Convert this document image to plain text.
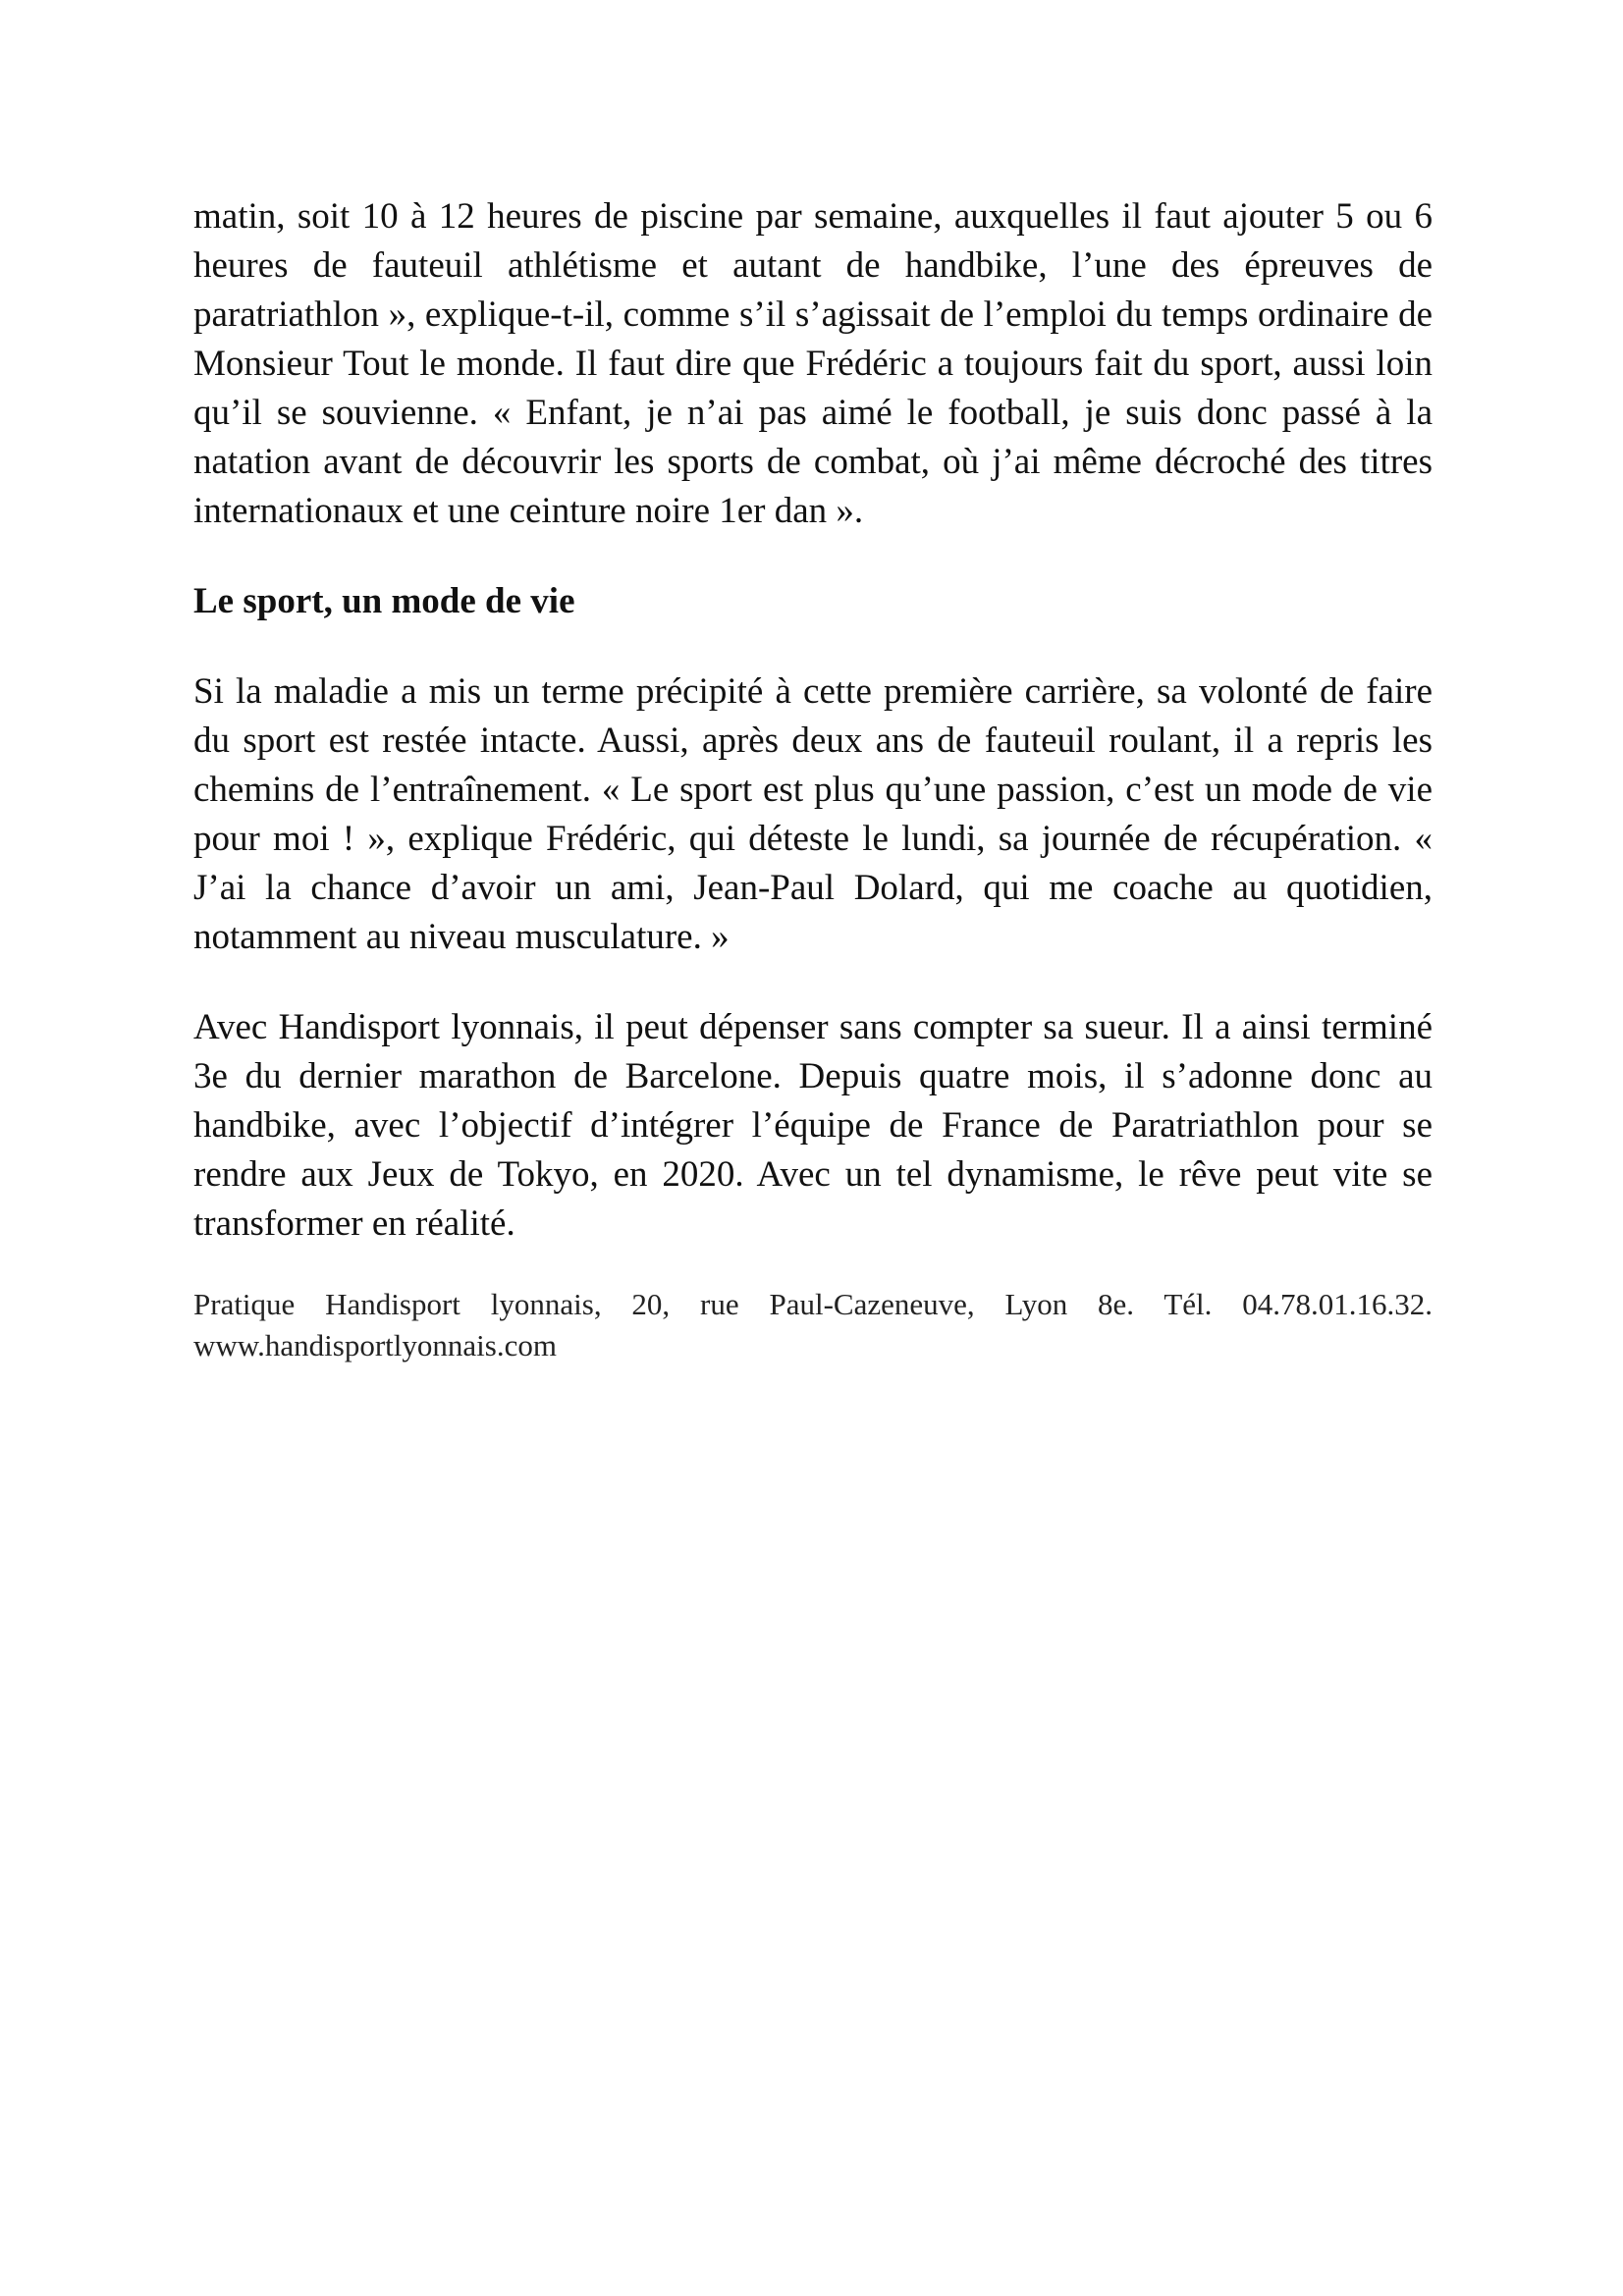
matin, soit 10 à 12 heures de piscine par semaine, auxquelles il faut ajouter 5 ou 6 heures de fauteuil athlétisme et autant de handbike, l’une des épreuves de paratriathlon », explique-t-il, comme s’il s’agissait de l’emploi du temps ordinaire de Monsieur Tout le monde. Il faut dire que Frédéric a toujours fait du sport, aussi loin qu’il se souvienne. « Enfant, je n’ai pas aimé le football, je suis donc passé à la natation avant de découvrir les sports de combat, où j’ai même décroché des titres internationaux et une ceinture noire 1er dan ».

Le sport, un mode de vie

Si la maladie a mis un terme précipité à cette première carrière, sa volonté de faire du sport est restée intacte. Aussi, après deux ans de fauteuil roulant, il a repris les chemins de l’entraînement. « Le sport est plus qu’une passion, c’est un mode de vie pour moi ! », explique Frédéric, qui déteste le lundi, sa journée de récupération. « J’ai la chance d’avoir un ami, Jean-Paul Dolard, qui me coache au quotidien, notamment au niveau musculature. »

Avec Handisport lyonnais, il peut dépenser sans compter sa sueur. Il a ainsi terminé 3e du dernier marathon de Barcelone. Depuis quatre mois, il s’adonne donc au handbike, avec l’objectif d’intégrer l’équipe de France de Paratriathlon pour se rendre aux Jeux de Tokyo, en 2020. Avec un tel dynamisme, le rêve peut vite se transformer en réalité.

Pratique Handisport lyonnais, 20, rue Paul-Cazeneuve, Lyon 8e. Tél. 04.78.01.16.32. www.handisportlyonnais.com
